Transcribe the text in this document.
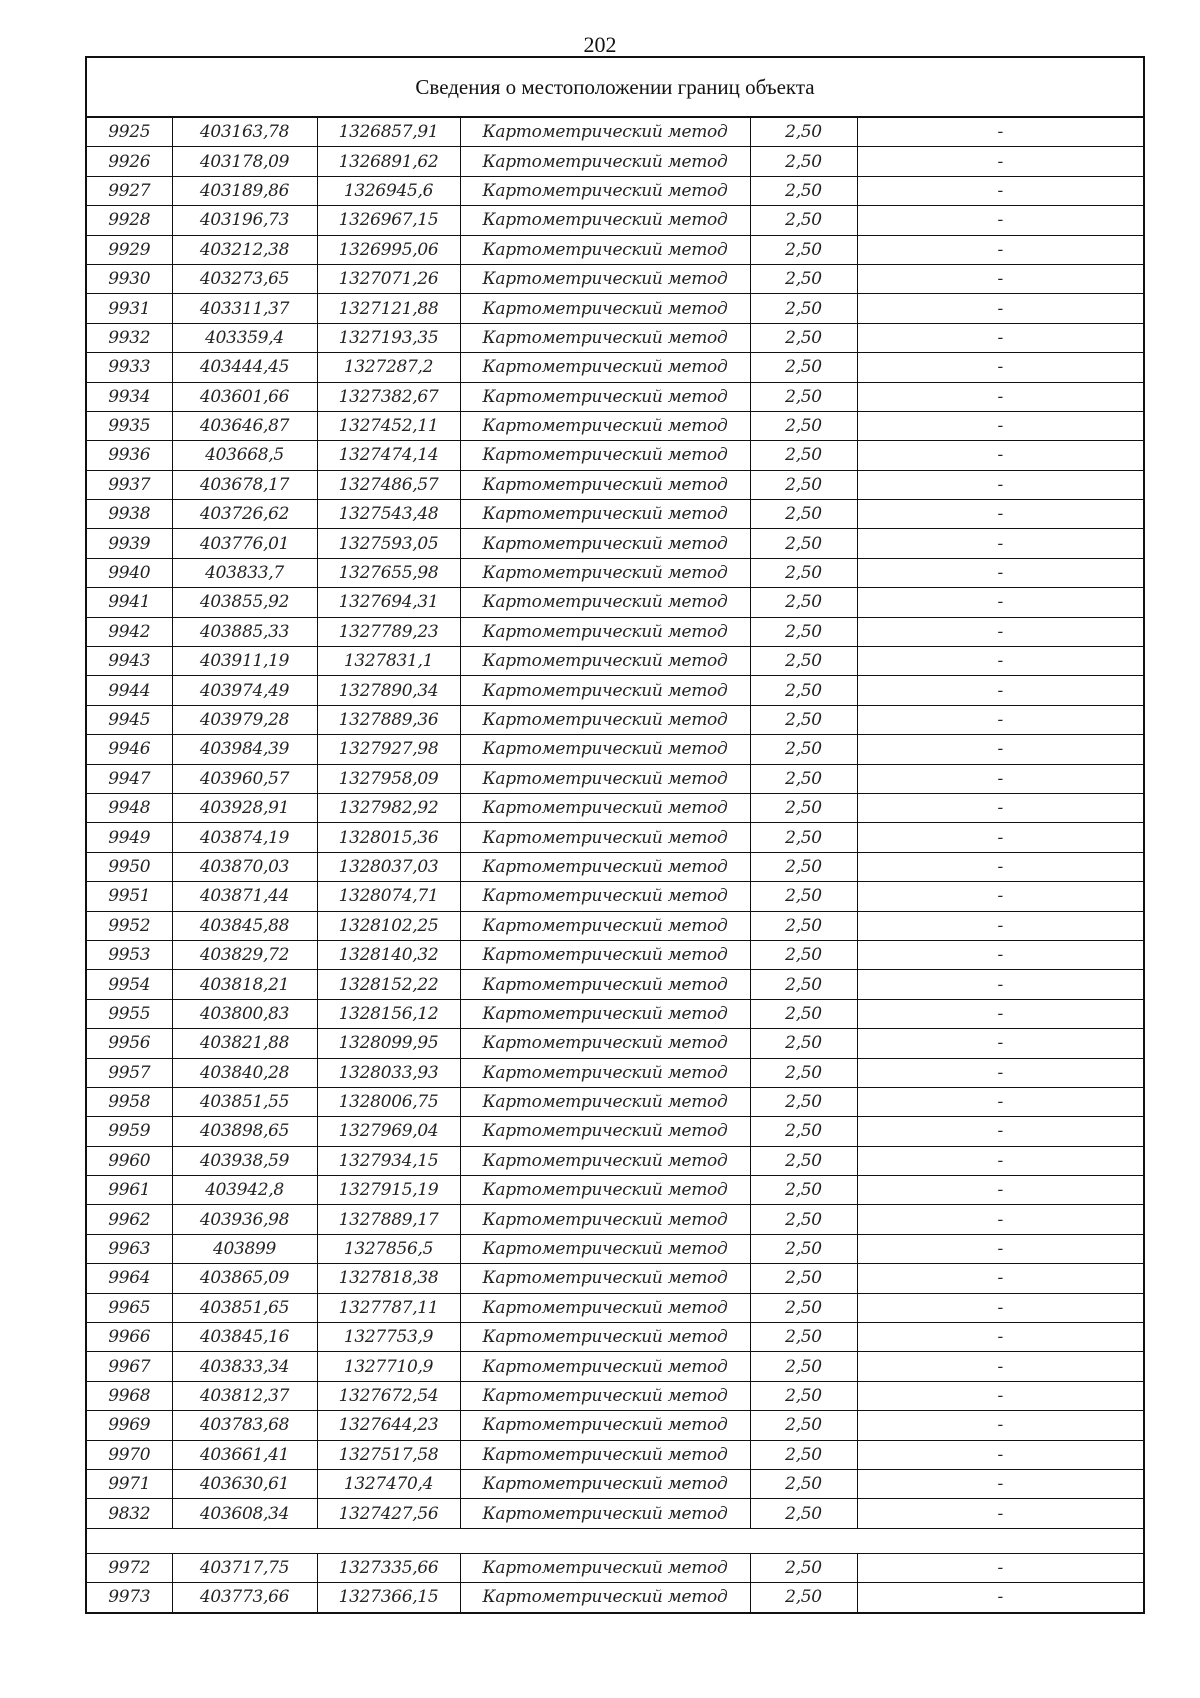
202
Сведения о местоположении границ объекта
9925	403163,78	1326857,91	Картометрический метод	2,50	-
9926	403178,09	1326891,62	Картометрический метод	2,50	-
9927	403189,86	1326945,6	Картометрический метод	2,50	-
9928	403196,73	1326967,15	Картометрический метод	2,50	-
9929	403212,38	1326995,06	Картометрический метод	2,50	-
9930	403273,65	1327071,26	Картометрический метод	2,50	-
9931	403311,37	1327121,88	Картометрический метод	2,50	-
9932	403359,4	1327193,35	Картометрический метод	2,50	-
9933	403444,45	1327287,2	Картометрический метод	2,50	-
9934	403601,66	1327382,67	Картометрический метод	2,50	-
9935	403646,87	1327452,11	Картометрический метод	2,50	-
9936	403668,5	1327474,14	Картометрический метод	2,50	-
9937	403678,17	1327486,57	Картометрический метод	2,50	-
9938	403726,62	1327543,48	Картометрический метод	2,50	-
9939	403776,01	1327593,05	Картометрический метод	2,50	-
9940	403833,7	1327655,98	Картометрический метод	2,50	-
9941	403855,92	1327694,31	Картометрический метод	2,50	-
9942	403885,33	1327789,23	Картометрический метод	2,50	-
9943	403911,19	1327831,1	Картометрический метод	2,50	-
9944	403974,49	1327890,34	Картометрический метод	2,50	-
9945	403979,28	1327889,36	Картометрический метод	2,50	-
9946	403984,39	1327927,98	Картометрический метод	2,50	-
9947	403960,57	1327958,09	Картометрический метод	2,50	-
9948	403928,91	1327982,92	Картометрический метод	2,50	-
9949	403874,19	1328015,36	Картометрический метод	2,50	-
9950	403870,03	1328037,03	Картометрический метод	2,50	-
9951	403871,44	1328074,71	Картометрический метод	2,50	-
9952	403845,88	1328102,25	Картометрический метод	2,50	-
9953	403829,72	1328140,32	Картометрический метод	2,50	-
9954	403818,21	1328152,22	Картометрический метод	2,50	-
9955	403800,83	1328156,12	Картометрический метод	2,50	-
9956	403821,88	1328099,95	Картометрический метод	2,50	-
9957	403840,28	1328033,93	Картометрический метод	2,50	-
9958	403851,55	1328006,75	Картометрический метод	2,50	-
9959	403898,65	1327969,04	Картометрический метод	2,50	-
9960	403938,59	1327934,15	Картометрический метод	2,50	-
9961	403942,8	1327915,19	Картометрический метод	2,50	-
9962	403936,98	1327889,17	Картометрический метод	2,50	-
9963	403899	1327856,5	Картометрический метод	2,50	-
9964	403865,09	1327818,38	Картометрический метод	2,50	-
9965	403851,65	1327787,11	Картометрический метод	2,50	-
9966	403845,16	1327753,9	Картометрический метод	2,50	-
9967	403833,34	1327710,9	Картометрический метод	2,50	-
9968	403812,37	1327672,54	Картометрический метод	2,50	-
9969	403783,68	1327644,23	Картометрический метод	2,50	-
9970	403661,41	1327517,58	Картометрический метод	2,50	-
9971	403630,61	1327470,4	Картометрический метод	2,50	-
9832	403608,34	1327427,56	Картометрический метод	2,50	-

9972	403717,75	1327335,66	Картометрический метод	2,50	-
9973	403773,66	1327366,15	Картометрический метод	2,50	-
